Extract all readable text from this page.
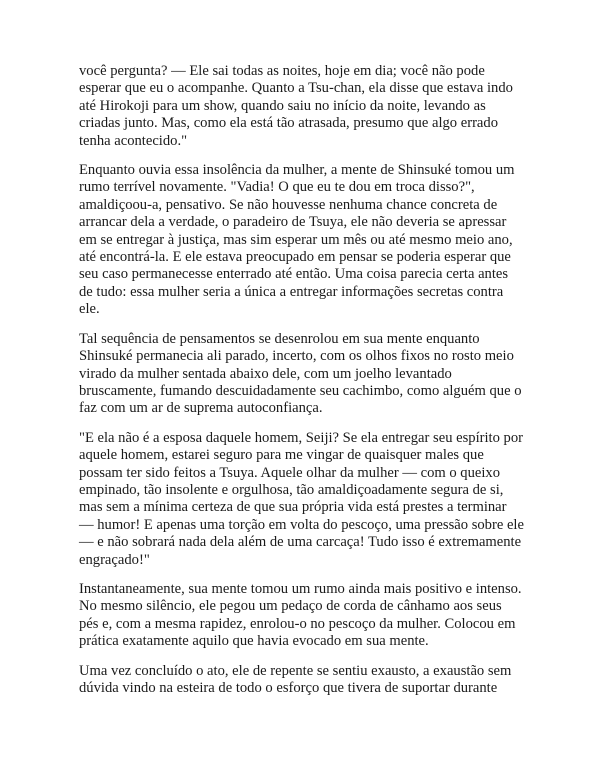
você pergunta? — Ele sai todas as noites, hoje em dia; você não pode
esperar que eu o acompanhe. Quanto a Tsu-chan, ela disse que estava indo
até Hirokoji para um show, quando saiu no início da noite, levando as
criadas junto. Mas, como ela está tão atrasada, presumo que algo errado
tenha acontecido."

Enquanto ouvia essa insolência da mulher, a mente de Shinsuké tomou um
rumo terrível novamente. "Vadia! O que eu te dou em troca disso?",
amaldiçoou-a, pensativo. Se não houvesse nenhuma chance concreta de
arrancar dela a verdade, o paradeiro de Tsuya, ele não deveria se apressar
em se entregar à justiça, mas sim esperar um mês ou até mesmo meio ano,
até encontrá-la. E ele estava preocupado em pensar se poderia esperar que
seu caso permanecesse enterrado até então. Uma coisa parecia certa antes
de tudo: essa mulher seria a única a entregar informações secretas contra
ele.

Tal sequência de pensamentos se desenrolou em sua mente enquanto
Shinsuké permanecia ali parado, incerto, com os olhos fixos no rosto meio
virado da mulher sentada abaixo dele, com um joelho levantado
bruscamente, fumando descuidadamente seu cachimbo, como alguém que o
faz com um ar de suprema autoconfiança.

"E ela não é a esposa daquele homem, Seiji? Se ela entregar seu espírito por
aquele homem, estarei seguro para me vingar de quaisquer males que
possam ter sido feitos a Tsuya. Aquele olhar da mulher — com o queixo
empinado, tão insolente e orgulhosa, tão amaldiçoadamente segura de si,
mas sem a mínima certeza de que sua própria vida está prestes a terminar
— humor! E apenas uma torção em volta do pescoço, uma pressão sobre ele
— e não sobrará nada dela além de uma carcaça! Tudo isso é extremamente
engraçado!"

Instantaneamente, sua mente tomou um rumo ainda mais positivo e intenso.
No mesmo silêncio, ele pegou um pedaço de corda de cânhamo aos seus
pés e, com a mesma rapidez, enrolou-o no pescoço da mulher. Colocou em
prática exatamente aquilo que havia evocado em sua mente.

Uma vez concluído o ato, ele de repente se sentiu exausto, a exaustão sem
dúvida vindo na esteira de todo o esforço que tivera de suportar durante
